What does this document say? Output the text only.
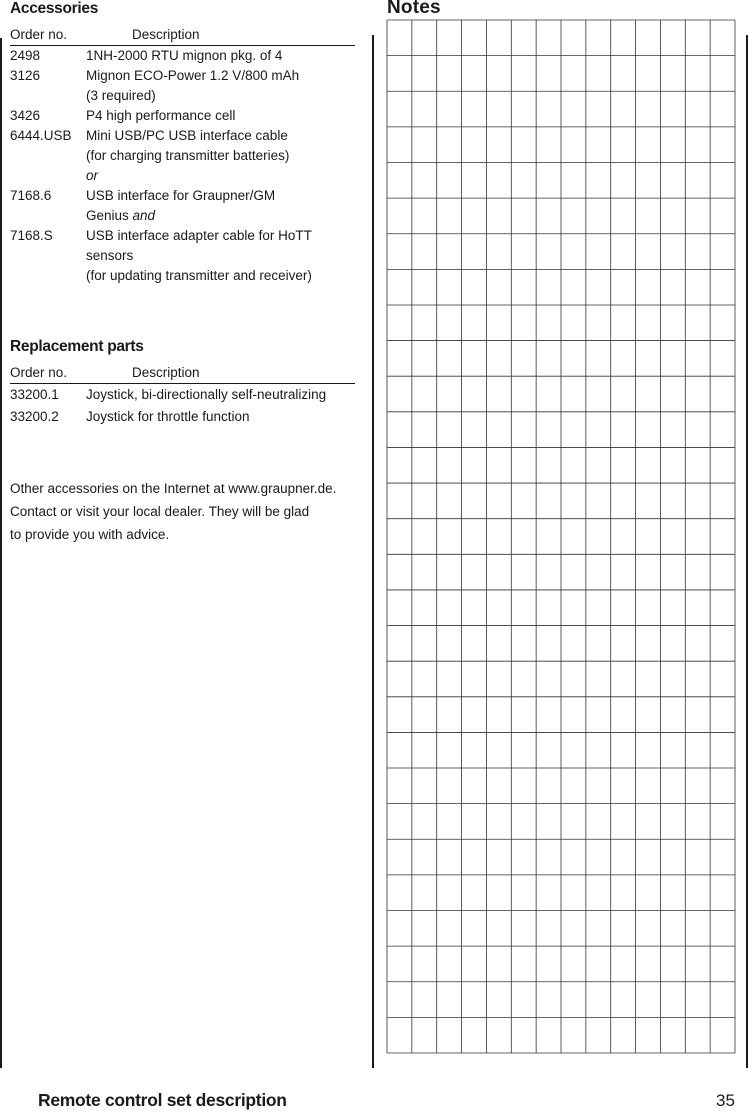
Accessories
Order no.	Description
2498	1NH-2000 RTU mignon pkg. of 4
3126	Mignon ECO-Power 1.2 V/800 mAh
(3 required)
3426	P4 high performance cell
6444.USB	Mini USB/PC USB interface cable
(for charging transmitter batteries)
or
7168.6	USB interface for Graupner/GM
Genius and
7168.S	USB interface adapter cable for HoTT
sensors
(for updating transmitter and receiver)
Replacement parts
Order no.	Description
33200.1	Joystick, bi-directionally self-neutralizing
33200.2	Joystick for throttle function
Other accessories on the Internet at www.graupner.de.
Contact or visit your local dealer. They will be glad
to provide you with advice.
Notes
Remote control set description	35
